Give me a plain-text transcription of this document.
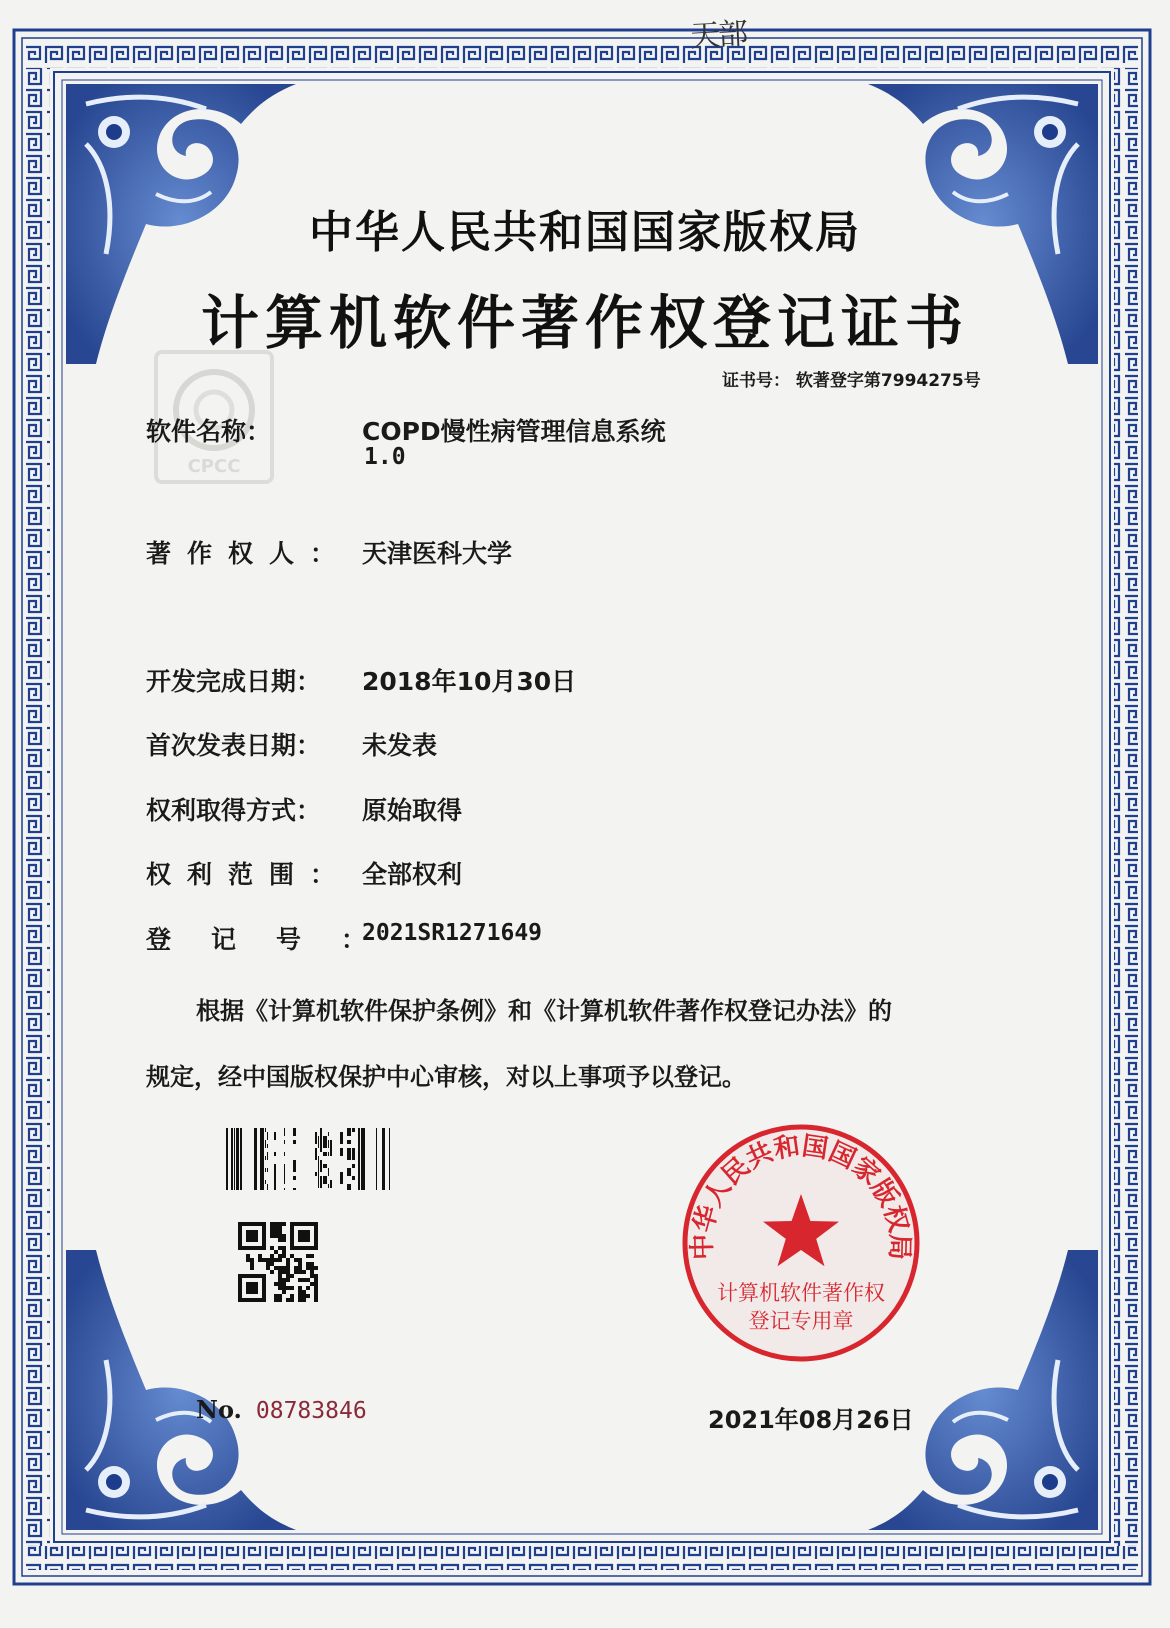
CPCC
天部
中华人民共和国国家版权局
计算机软件著作权登记证书
证书号： 软著登字第7994275号
软件名称：	COPD慢性病管理信息系统
1.0
著作权人： 天津医科大学
开发完成日期：	2018年10月30日
首次发表日期：	未发表
权利取得方式：	原始取得
权利范围： 全部权利
登记号：
2021SR1271649
根据《计算机软件保护条例》和《计算机软件著作权登记办法》的
规定，经中国版权保护中心审核，对以上事项予以登记。
No. 08783846
中华人民共和国国家版权局
计算机软件著作权
登记专用章
2021年08月26日
